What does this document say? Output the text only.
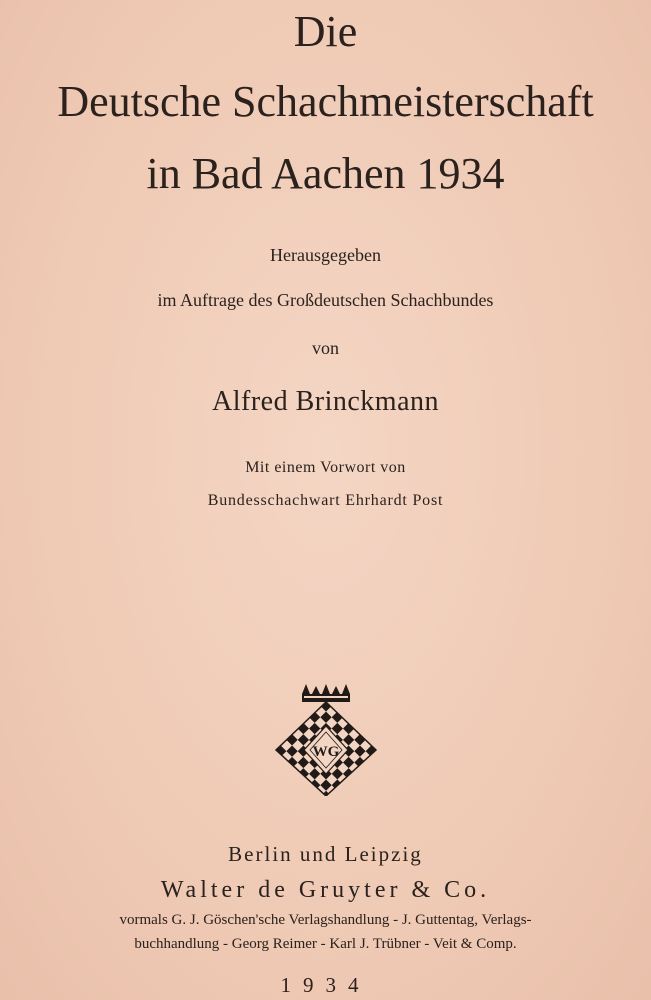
Die
Deutsche Schachmeisterschaft
in Bad Aachen 1934
Herausgegeben
im Auftrage des Großdeutschen Schachbundes
von
Alfred Brinckmann
Mit einem Vorwort von
Bundesschachwart Ehrhardt Post
WG
Berlin und Leipzig
Walter de Gruyter & Co.
vormals G. J. Göschen'sche Verlagshandlung - J. Guttentag, Verlags-
buchhandlung - Georg Reimer - Karl J. Trübner - Veit & Comp.
1934
